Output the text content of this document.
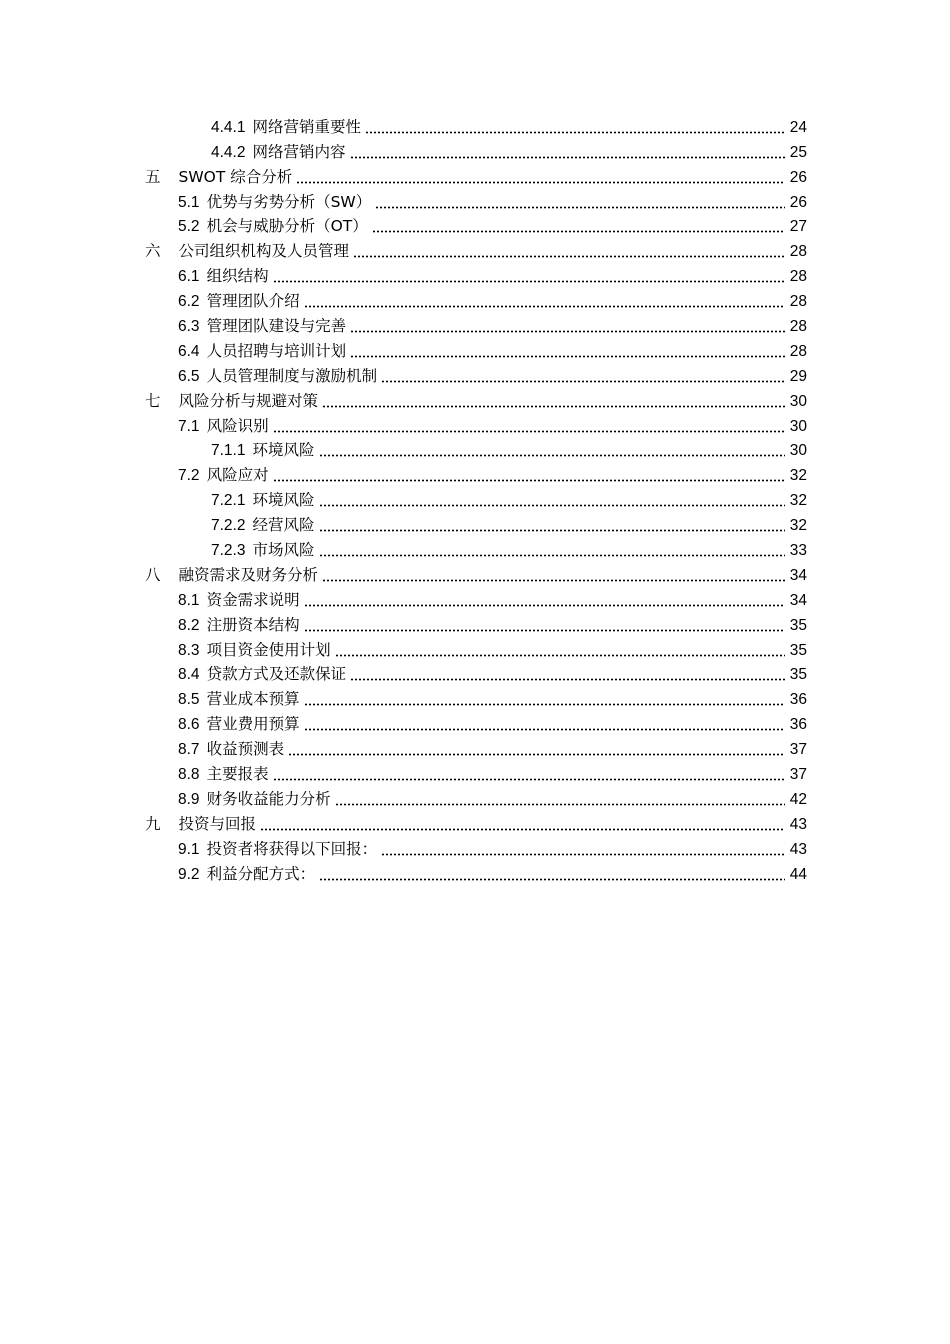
4.4.1 网络营销重要性	24
4.4.2 网络营销内容	25
五 SWOT 综合分析	26
5.1 优势与劣势分析（SW）	26
5.2 机会与威胁分析（OT）	27
六 公司组织机构及人员管理	28
6.1 组织结构	28
6.2 管理团队介绍	28
6.3 管理团队建设与完善	28
6.4 人员招聘与培训计划	28
6.5 人员管理制度与激励机制	29
七 风险分析与规避对策	30
7.1 风险识别	30
7.1.1 环境风险	30
7.2 风险应对	32
7.2.1 环境风险	32
7.2.2 经营风险	32
7.2.3 市场风险	33
八 融资需求及财务分析	34
8.1 资金需求说明	34
8.2 注册资本结构	35
8.3 项目资金使用计划	35
8.4 贷款方式及还款保证	35
8.5 营业成本预算	36
8.6 营业费用预算	36
8.7 收益预测表	37
8.8 主要报表	37
8.9 财务收益能力分析	42
九 投资与回报	43
9.1 投资者将获得以下回报：	43
9.2 利益分配方式：	44
